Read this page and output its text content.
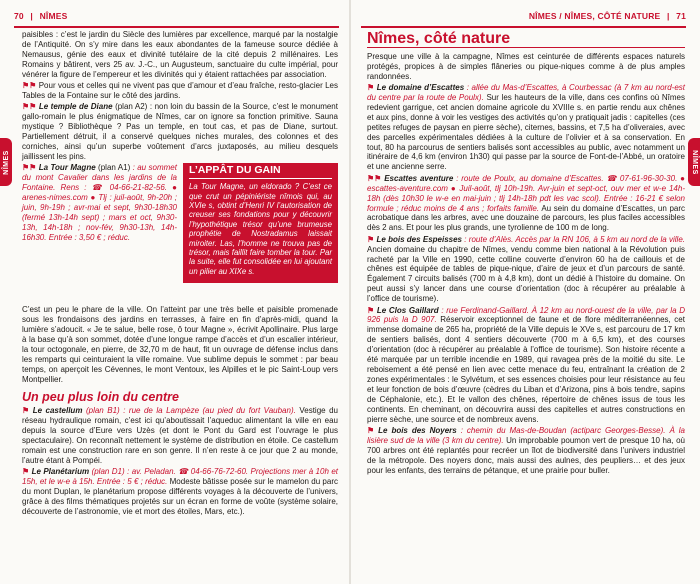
70 | NÎMES
NÎMES

paisibles : c’est le jardin du Siècle des lumières par excellence, marqué par la nostalgie de l’Antiquité. On s’y mire dans les eaux abondantes de la fameuse source dédiée à Nemausus, génie des eaux et divinité tutélaire de la cité depuis 2 millénaires. Les Romains y bâtirent, vers 25 av. J.-C., un Augusteum, sanctuaire du culte impérial, pour vénérer la figure de l’empereur et les divinités qui y étaient rattachées par association.

⚑⚑ Pour vous et celles qui ne vivent pas que d’amour et d’eau fraîche, resto-glacier Les Tables de la Fontaine sur le côté des jardins.

⚑⚑ Le temple de Diane (plan A2) : non loin du bassin de la Source, c’est le monument gallo-romain le plus énigmatique de Nîmes, car on ignore sa fonction primitive. Sauna mystique ? Bibliothèque ? Pas un temple, en tout cas, et pas de Diane, surtout. Partiellement détruit, il a conservé quelques niches murales, des colonnes et des corniches, ainsi qu’un superbe voûtement d’arcs juxtaposés, au milieu desquels jaillissent les pins.

⚑⚑ La Tour Magne (plan A1) : au sommet du mont Cavalier dans les jardins de la Fontaine. Rens : ☎ 04-66-21-82-56. ● arenes-nimes.com ● Tlj : juil-août, 9h-20h ; juin, 9h-19h ; avr-mai et sept, 9h30-18h30 (fermé 13h-14h sept) ; mars et oct, 9h30-13h, 14h-18h ; nov-fév, 9h30-13h, 14h-16h30. Entrée : 3,50 € ; réduc.

L’APPÂT DU GAIN

La Tour Magne, un eldorado ? C’est ce que crut un pépiniériste nîmois qui, au XVIe s, obtint d’Henri IV l’autorisation de creuser ses fondations pour y découvrir l’hypothétique trésor qu’une brumeuse prophétie de Nostradamus laissait miroiter. Las, l’homme ne trouva pas de trésor, mais faillit faire tomber la tour. Par la suite, elle fut consolidée en lui ajoutant un pilier au XIXe s.

C’est un peu le phare de la ville. On l’atteint par une très belle et paisible promenade sous les frondaisons des jardins en terrasses, à faire en fin d’après-midi, quand la lumière s’adoucit. « Je te salue, belle rose, ô tour Magne », écrivit Apollinaire. Plus large à la base qu’à son sommet, dotée d’une longue rampe d’accès et d’un escalier intérieur, la tour octogonale, en pierre, de 32,70 m de haut, fit un ouvrage de défense inclus dans les remparts qui ceinturaient la ville romaine. Vue sublime depuis le sommet : par beau temps, on aperçoit les Cévennes, le mont Ventoux, les Alpilles et le pic Saint-Loup vers Montpellier.

Un peu plus loin du centre

⚑ Le castellum (plan B1) : rue de la Lampèze (au pied du fort Vauban). Vestige du réseau hydraulique romain, c’est ici qu’aboutissait l’aqueduc alimentant la ville en eau depuis la source d’Eure vers Uzès (et dont le Pont du Gard est l’ouvrage le plus spectaculaire). On reconnaît nettement le système de distribution en étoile. Ce castellum romain est une construction rare en son genre. Il n’en reste à ce jour que 2 au monde, l’autre étant à Pompéi.

⚑ Le Planétarium (plan D1) : av. Peladan. ☎ 04-66-76-72-60. Projections mer à 10h et 15h, et le w-e à 15h. Entrée : 5 € ; réduc. Modeste bâtisse posée sur le mamelon du parc du mont Duplan, le planétarium propose différents voyages à la découverte de l’univers, grâce à des films thématiques projetés sur un écran en forme de voûte (système solaire, découverte de l’astronomie, vie et mort des étoiles, Mars, etc.).

NÎMES / NÎMES, CÔTÉ NATURE | 71
NÎMES
Nîmes, côté nature

Presque une ville à la campagne, Nîmes est ceinturée de différents espaces naturels protégés, propices à de simples flâneries ou pique-niques comme à de plus amples randonnées.

⚑ Le domaine d’Escattes : allée du Mas-d’Escattes, à Courbessac (à 7 km au nord-est du centre par la route de Poulx). Sur les hauteurs de la ville, dans ces confins où Nîmes redevient garrigue, cet ancien domaine agricole du XVIIIe s. en partie rendu aux chênes et aux pins, donne à voir les vestiges des activités qu’on y pratiquait jadis : capitelles (ces petites refuges de paysan en pierre sèche), citernes, bassins, et 7,5 ha d’oliveraies, avec des parcelles expérimentales dédiées à la culture de l’olivier et à sa conservation. En tout, 80 ha parcourus de sentiers balisés sont accessibles au public, avec notamment un itinéraire de 4,6 km (environ 1h30) qui passe par la source de Font-de-l’Abbé, un oratoire et une ancienne serre.

⚑⚑ Escattes aventure : route de Poulx, au domaine d’Escattes. ☎ 07-61-96-30-30. ● escattes-aventure.com ● Juil-août, tlj 10h-19h. Avr-juin et sept-oct, ouv mer et w-e 14h-18h (dès 10h30 le w-e en mai-juin ; tlj 14h-18h pdt les vac scol). Entrée : 16-21 € selon formule ; réduc moins de 4 ans ; forfaits famille. Au sein du domaine d’Escattes, un parc acrobatique dans les arbres, avec une douzaine de parcours, les plus faciles accessibles dès 2 ans. Et pour les plus grands, une tyrolienne de 100 m de long.

⚑ Le bois des Espeisses : route d’Alès. Accès par la RN 106, à 5 km au nord de la ville. Ancien domaine du chapitre de Nîmes, vendu comme bien national à la Révolution puis racheté par la Ville en 1990, cette colline couverte d’environ 60 ha de caillouis et de chênes est équipée de tables de pique-nique, d’aire de jeux et d’un parcours de santé. Également 7 circuits balisés (700 m à 4,8 km), dont un dédié à l’histoire du domaine. On peut aussi s’y lancer dans une course d’orientation (doc à récupérer au préalable à l’office de tourisme).

⚑ Le Clos Gaillard : rue Ferdinand-Gaillard. À 12 km au nord-ouest de la ville, par la D 926 puis la D 907. Réservoir exceptionnel de faune et de flore méditerranéennes, cet immense domaine de 265 ha, propriété de la Ville depuis le XVe s, est parcouru de 17 km de sentiers balisés, dont 4 sentiers découverte (700 m à 6,5 km), et des courses d’orientation (doc à récupérer au préalable à l’office de tourisme). Son histoire récente a été marquée par un terrible incendie en 1989, qui ravagea près de la moitié du site. Le reboisement a été pensé en lien avec cette menace du feu, entraînant la création de 2 zones expérimentales : le Sylvétum, et ses essences choisies pour leur résistance au feu et leur fonction de bois d’œuvre (cèdres du Liban et d’Arizona, pins à bois tendre, sapins de Céphalonie, etc.). Et le vallon des chênes, répertoire de chênes issus de tous les continents. En cheminant, on découvrira aussi des capitelles et autres constructions en pierre sèche, une source et de nombreux avens.

⚑ Le bois des Noyers : chemin du Mas-de-Boudan (actiparc Georges-Besse). À la lisière sud de la ville (3 km du centre). Un improbable poumon vert de presque 10 ha, où 700 arbres ont été replantés pour recréer un îlot de biodiversité dans l’univers industriel de la métropole. Des noyers donc, mais aussi des aulnes, des peupliers… et des jeux pour les enfants, des terrains de pétanque, et une prairie pour buller.
